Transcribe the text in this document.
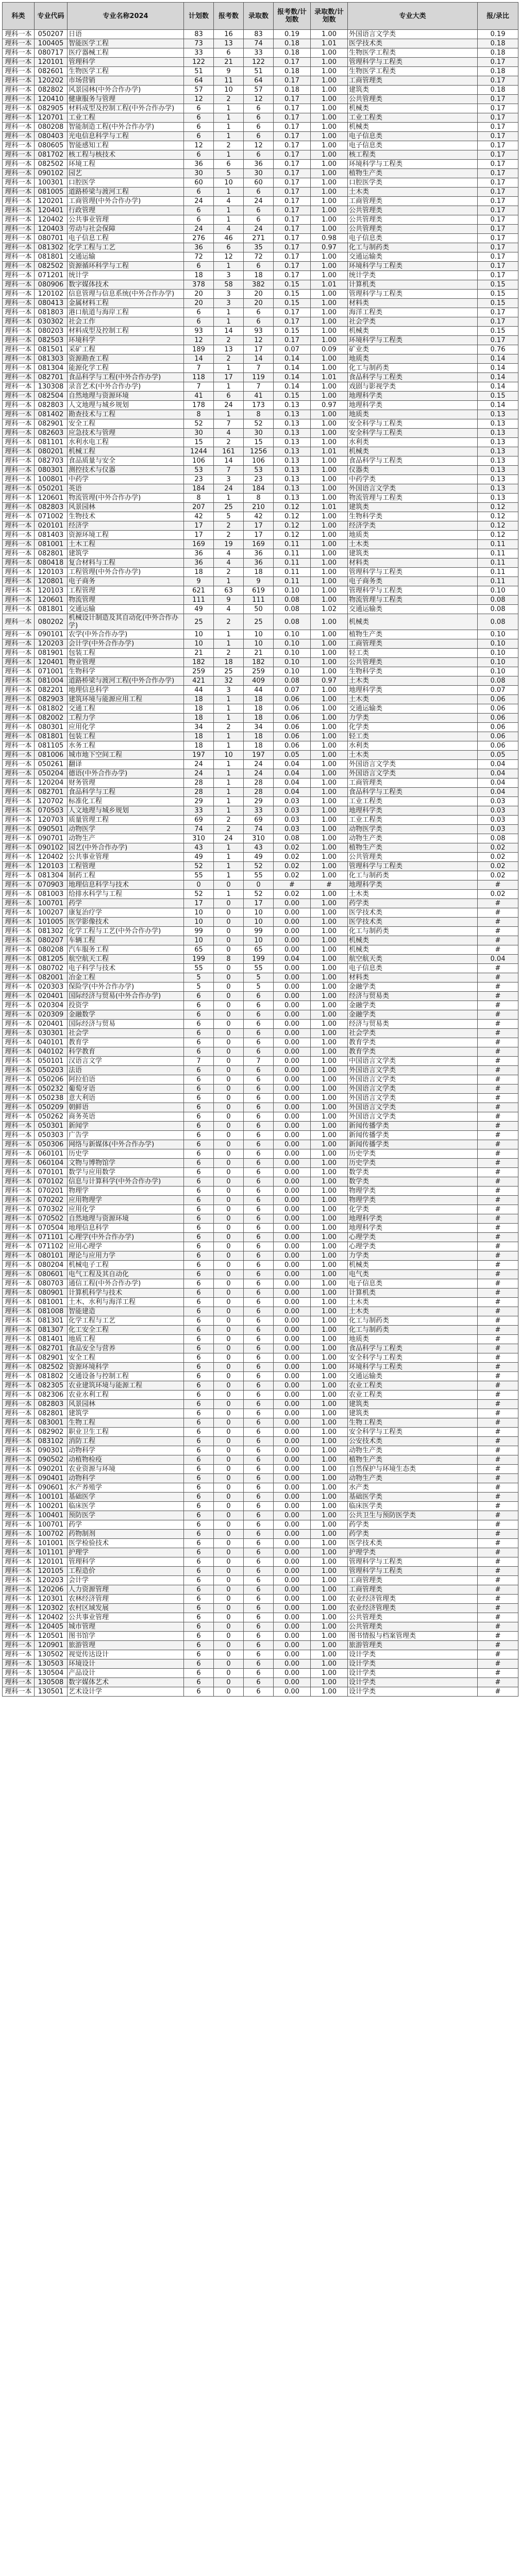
科类	专业代码	专业名称2024	计划数	报考数	录取数	报考数/计划数	录取数/计划数	专业大类	报/录比
理科一本	050207	日语	83	16	83	0.19	1.00	外国语言文学类	0.19
理科一本	100405	智能医学工程	73	13	74	0.18	1.01	医学技术类	0.18
理科一本	080717	医疗器械工程	33	6	33	0.18	1.00	生物医学工程类	0.18
理科一本	120101	管理科学	122	21	122	0.17	1.00	管理科学与工程类	0.17
理科一本	082601	生物医学工程	51	9	51	0.18	1.00	生物医学工程类	0.18
理科一本	120202	市场营销	64	11	64	0.17	1.00	工商管理类	0.17
理科一本	082802	风景园林(中外合作办学)	57	10	57	0.18	1.00	建筑类	0.18
理科一本	120410	健康服务与管理	12	2	12	0.17	1.00	公共管理类	0.17
理科一本	082905	材料成型及控制工程(中外合作办学)	6	1	6	0.17	1.00	机械类	0.17
理科一本	120701	工业工程	6	1	6	0.17	1.00	工业工程类	0.17
理科一本	080208	智能制造工程(中外合作办学)	6	1	6	0.17	1.00	机械类	0.17
理科一本	080403	光电信息科学与工程	6	1	6	0.17	1.00	电子信息类	0.17
理科一本	080605	智能感知工程	12	2	12	0.17	1.00	电子信息类	0.17
理科一本	081702	核工程与核技术	6	1	6	0.17	1.00	核工程类	0.17
理科一本	082502	环境工程	36	6	36	0.17	1.00	环境科学与工程类	0.17
理科一本	090102	园艺	30	5	30	0.17	1.00	植物生产类	0.17
理科一本	100301	口腔医学	60	10	60	0.17	1.00	口腔医学类	0.17
理科一本	081005	道路桥梁与渡河工程	6	1	6	0.17	1.00	土木类	0.17
理科一本	120201	工商管理(中外合作办学)	24	4	24	0.17	1.00	工商管理类	0.17
理科一本	120401	行政管理	6	1	6	0.17	1.00	公共管理类	0.17
理科一本	120402	公共事业管理	6	1	6	0.17	1.00	公共管理类	0.17
理科一本	120403	劳动与社会保障	24	4	24	0.17	1.00	公共管理类	0.17
理科一本	080701	电子信息工程	276	46	271	0.17	0.98	电子信息类	0.17
理科一本	081302	化学工程与工艺	36	6	35	0.17	0.97	化工与制药类	0.17
理科一本	081801	交通运输	72	12	72	0.17	1.00	交通运输类	0.17
理科一本	082502	资源循环科学与工程	6	1	6	0.17	1.00	环境科学与工程类	0.17
理科一本	071201	统计学	18	3	18	0.17	1.00	统计学类	0.17
理科一本	080906	数字媒体技术	378	58	382	0.15	1.01	计算机类	0.15
理科一本	120102	信息管理与信息系统(中外合作办学)	20	3	20	0.15	1.00	管理科学与工程类	0.15
理科一本	080413	金属材料工程	20	3	20	0.15	1.00	材料类	0.15
理科一本	081803	港口航道与海岸工程	6	1	6	0.17	1.00	海洋工程类	0.17
理科一本	030302	社会工作	6	1	6	0.17	1.00	社会学类	0.17
理科一本	080203	材料成型及控制工程	93	14	93	0.15	1.00	机械类	0.15
理科一本	082503	环境科学	12	2	12	0.17	1.00	环境科学与工程类	0.17
理科一本	081501	采矿工程	189	13	17	0.07	0.09	矿业类	0.76
理科一本	081303	资源勘查工程	14	2	14	0.14	1.00	地质类	0.14
理科一本	081304	能源化学工程	7	1	7	0.14	1.00	化工与制药类	0.14
理科一本	082701	食品科学与工程(中外合作办学)	118	17	119	0.14	1.01	食品科学与工程类	0.14
理科一本	130308	录音艺术(中外合作办学)	7	1	7	0.14	1.00	戏剧与影视学类	0.14
理科一本	082504	自然地理与资源环境	41	6	41	0.15	1.00	地理科学类	0.15
理科一本	082803	人文地理与城乡规划	178	24	173	0.13	0.97	地理科学类	0.14
理科一本	081402	勘查技术与工程	8	1	8	0.13	1.00	地质类	0.13
理科一本	082901	安全工程	52	7	52	0.13	1.00	安全科学与工程类	0.13
理科一本	082603	应急技术与管理	30	4	30	0.13	1.00	安全科学与工程类	0.13
理科一本	081101	水利水电工程	15	2	15	0.13	1.00	水利类	0.13
理科一本	080201	机械工程	1244	161	1256	0.13	1.01	机械类	0.13
理科一本	082703	食品质量与安全	106	14	106	0.13	1.00	食品科学与工程类	0.13
理科一本	080301	测控技术与仪器	53	7	53	0.13	1.00	仪器类	0.13
理科一本	100801	中药学	23	3	23	0.13	1.00	中药学类	0.13
理科一本	050201	英语	184	24	184	0.13	1.00	外国语言文学类	0.13
理科一本	120601	物流管理(中外合作办学)	8	1	8	0.13	1.00	物流管理与工程类	0.13
理科一本	082803	风景园林	207	25	210	0.12	1.01	建筑类	0.12
理科一本	071002	生物技术	42	5	42	0.12	1.00	生物科学类	0.12
理科一本	020101	经济学	17	2	17	0.12	1.00	经济学类	0.12
理科一本	081403	资源环境工程	17	2	17	0.12	1.00	地质类	0.12
理科一本	081001	土木工程	169	19	169	0.11	1.00	土木类	0.11
理科一本	082801	建筑学	36	4	36	0.11	1.00	建筑类	0.11
理科一本	080418	复合材料与工程	36	4	36	0.11	1.00	材料类	0.11
理科一本	120103	工程管理(中外合作办学)	18	2	18	0.11	1.00	管理科学与工程类	0.11
理科一本	120801	电子商务	9	1	9	0.11	1.00	电子商务类	0.11
理科一本	120103	工程管理	621	63	619	0.10	1.00	管理科学与工程类	0.10
理科一本	120601	物流管理	111	9	111	0.08	1.00	物流管理与工程类	0.08
理科一本	081801	交通运输	49	4	50	0.08	1.02	交通运输类	0.08
理科一本	080202	机械设计制造及其自动化(中外合作办学)	25	2	25	0.08	1.00	机械类	0.08
理科一本	090101	农学(中外合作办学)	10	1	10	0.10	1.00	植物生产类	0.10
理科一本	120203	会计学(中外合作办学)	10	1	10	0.10	1.00	工商管理类	0.10
理科一本	081901	包装工程	21	2	21	0.10	1.00	轻工类	0.10
理科一本	120401	物业管理	182	18	182	0.10	1.00	公共管理类	0.10
理科一本	071001	生物科学	259	25	259	0.10	1.00	生物科学类	0.10
理科一本	081004	道路桥梁与渡河工程(中外合作办学)	421	32	409	0.08	0.97	土木类	0.08
理科一本	082201	地理信息科学	44	3	44	0.07	1.00	地理科学类	0.07
理科一本	082903	建筑环境与能源应用工程	18	1	18	0.06	1.00	土木类	0.06
理科一本	081802	交通工程	18	1	18	0.06	1.00	交通运输类	0.06
理科一本	082002	工程力学	18	1	18	0.06	1.00	力学类	0.06
理科一本	080301	应用化学	34	2	34	0.06	1.00	化学类	0.06
理科一本	081801	包装工程	18	1	18	0.06	1.00	轻工类	0.06
理科一本	081105	水务工程	18	1	18	0.06	1.00	水利类	0.06
理科一本	081006	城市地下空间工程	197	10	197	0.05	1.00	土木类	0.05
理科一本	050261	翻译	24	1	24	0.04	1.00	外国语言文学类	0.04
理科一本	050204	德语(中外合作办学)	24	1	24	0.04	1.00	外国语言文学类	0.04
理科一本	120204	财务管理	28	1	28	0.04	1.00	工商管理类	0.04
理科一本	082701	食品科学与工程	28	1	28	0.04	1.00	食品科学与工程类	0.04
理科一本	120702	标准化工程	29	1	29	0.03	1.00	工业工程类	0.03
理科一本	070503	人文地理与城乡规划	33	1	33	0.03	1.00	地理科学类	0.03
理科一本	120703	质量管理工程	69	2	69	0.03	1.00	工业工程类	0.03
理科一本	090501	动物医学	74	2	74	0.03	1.00	动物医学类	0.03
理科一本	090701	动物生产	310	24	310	0.08	1.00	动物生产类	0.08
理科一本	090102	园艺(中外合作办学)	43	1	43	0.02	1.00	植物生产类	0.02
理科一本	120402	公共事业管理	49	1	49	0.02	1.00	公共管理类	0.02
理科一本	120103	工程管理	52	1	52	0.02	1.00	管理科学与工程类	0.02
理科一本	081304	制药工程	55	1	55	0.02	1.00	化工与制药类	0.02
理科一本	070903	地理信息科学与技术	0	0	0	#	#	地理科学类	#
理科一本	081003	给排水科学与工程	52	1	52	0.02	1.00	土木类	0.02
理科一本	100701	药学	17	0	17	0.00	1.00	药学类	#
理科一本	100207	康复治疗学	10	0	10	0.00	1.00	医学技术类	#
理科一本	101005	医学影像技术	10	0	10	0.00	1.00	医学技术类	#
理科一本	081302	化学工程与工艺(中外合作办学)	99	0	99	0.00	1.00	化工与制药类	#
理科一本	080207	车辆工程	10	0	10	0.00	1.00	机械类	#
理科一本	080208	汽车服务工程	65	0	65	0.00	1.00	机械类	#
理科一本	081205	航空航天工程	199	8	199	0.04	1.00	航空航天类	0.04
理科一本	080702	电子科学与技术	55	0	55	0.00	1.00	电子信息类	#
理科一本	082001	冶金工程	5	0	5	0.00	1.00	材料类	#
理科一本	020303	保险学(中外合作办学)	5	0	5	0.00	1.00	金融学类	#
理科一本	020401	国际经济与贸易(中外合作办学)	6	0	6	0.00	1.00	经济与贸易类	#
理科一本	020304	投资学	6	0	6	0.00	1.00	金融学类	#
理科一本	020309	金融数学	6	0	6	0.00	1.00	金融学类	#
理科一本	020401	国际经济与贸易	6	0	6	0.00	1.00	经济与贸易类	#
理科一本	030301	社会学	6	0	6	0.00	1.00	社会学类	#
理科一本	040101	教育学	6	0	6	0.00	1.00	教育学类	#
理科一本	040102	科学教育	6	0	6	0.00	1.00	教育学类	#
理科一本	050101	汉语言文学	7	0	7	0.00	1.00	中国语言文学类	#
理科一本	050203	法语	6	0	6	0.00	1.00	外国语言文学类	#
理科一本	050206	阿拉伯语	6	0	6	0.00	1.00	外国语言文学类	#
理科一本	050232	葡萄牙语	6	0	6	0.00	1.00	外国语言文学类	#
理科一本	050238	意大利语	6	0	6	0.00	1.00	外国语言文学类	#
理科一本	050209	朝鲜语	6	0	6	0.00	1.00	外国语言文学类	#
理科一本	050262	商务英语	6	0	6	0.00	1.00	外国语言文学类	#
理科一本	050301	新闻学	6	0	6	0.00	1.00	新闻传播学类	#
理科一本	050303	广告学	6	0	6	0.00	1.00	新闻传播学类	#
理科一本	050306	网络与新媒体(中外合作办学)	6	0	6	0.00	1.00	新闻传播学类	#
理科一本	060101	历史学	6	0	6	0.00	1.00	历史学类	#
理科一本	060104	文物与博物馆学	6	0	6	0.00	1.00	历史学类	#
理科一本	070101	数学与应用数学	6	0	6	0.00	1.00	数学类	#
理科一本	070102	信息与计算科学(中外合作办学)	6	0	6	0.00	1.00	数学类	#
理科一本	070201	物理学	6	0	6	0.00	1.00	物理学类	#
理科一本	070202	应用物理学	6	0	6	0.00	1.00	物理学类	#
理科一本	070302	应用化学	6	0	6	0.00	1.00	化学类	#
理科一本	070502	自然地理与资源环境	6	0	6	0.00	1.00	地理科学类	#
理科一本	070504	地理信息科学	6	0	6	0.00	1.00	地理科学类	#
理科一本	071101	心理学(中外合作办学)	6	0	6	0.00	1.00	心理学类	#
理科一本	071102	应用心理学	6	0	6	0.00	1.00	心理学类	#
理科一本	080101	理论与应用力学	6	0	6	0.00	1.00	力学类	#
理科一本	080204	机械电子工程	6	0	6	0.00	1.00	机械类	#
理科一本	080601	电气工程及其自动化	6	0	6	0.00	1.00	电气类	#
理科一本	080703	通信工程(中外合作办学)	6	0	6	0.00	1.00	电子信息类	#
理科一本	080901	计算机科学与技术	6	0	6	0.00	1.00	计算机类	#
理科一本	081001	土木、水利与海洋工程	6	0	6	0.00	1.00	土木类	#
理科一本	081008	智能建造	6	0	6	0.00	1.00	土木类	#
理科一本	081301	化学工程与工艺	6	0	6	0.00	1.00	化工与制药类	#
理科一本	081307	化工安全工程	6	0	6	0.00	1.00	化工与制药类	#
理科一本	081401	地质工程	6	0	6	0.00	1.00	地质类	#
理科一本	082701	食品安全与营养	6	0	6	0.00	1.00	食品科学与工程类	#
理科一本	082901	安全工程	6	0	6	0.00	1.00	安全科学与工程类	#
理科一本	082502	资源环境科学	6	0	6	0.00	1.00	环境科学与工程类	#
理科一本	081802	交通设备与控制工程	6	0	6	0.00	1.00	交通运输类	#
理科一本	082305	农业建筑环境与能源工程	6	0	6	0.00	1.00	农业工程类	#
理科一本	082306	农业水利工程	6	0	6	0.00	1.00	农业工程类	#
理科一本	082803	风景园林	6	0	6	0.00	1.00	建筑类	#
理科一本	082801	建筑学	6	0	6	0.00	1.00	建筑类	#
理科一本	083001	生物工程	6	0	6	0.00	1.00	生物工程类	#
理科一本	082902	职业卫生工程	6	0	6	0.00	1.00	安全科学与工程类	#
理科一本	083102	消防工程	6	0	6	0.00	1.00	公安技术类	#
理科一本	090301	动物科学	6	0	6	0.00	1.00	动物生产类	#
理科一本	090502	动植物检疫	6	0	6	0.00	1.00	植物生产类	#
理科一本	090201	农业资源与环境	6	0	6	0.00	1.00	自然保护与环境生态类	#
理科一本	090401	动物科学	6	0	6	0.00	1.00	动物生产类	#
理科一本	090601	水产养殖学	6	0	6	0.00	1.00	水产类	#
理科一本	100101	基础医学	6	0	6	0.00	1.00	基础医学类	#
理科一本	100201	临床医学	6	0	6	0.00	1.00	临床医学类	#
理科一本	100401	预防医学	6	0	6	0.00	1.00	公共卫生与预防医学类	#
理科一本	100701	药学	6	0	6	0.00	1.00	药学类	#
理科一本	100702	药物制剂	6	0	6	0.00	1.00	药学类	#
理科一本	101001	医学检验技术	6	0	6	0.00	1.00	医学技术类	#
理科一本	101101	护理学	6	0	6	0.00	1.00	护理学类	#
理科一本	120101	管理科学	6	0	6	0.00	1.00	管理科学与工程类	#
理科一本	120105	工程造价	6	0	6	0.00	1.00	管理科学与工程类	#
理科一本	120203	会计学	6	0	6	0.00	1.00	工商管理类	#
理科一本	120206	人力资源管理	6	0	6	0.00	1.00	工商管理类	#
理科一本	120301	农林经济管理	6	0	6	0.00	1.00	农业经济管理类	#
理科一本	120302	农村区域发展	6	0	6	0.00	1.00	农业经济管理类	#
理科一本	120402	公共事业管理	6	0	6	0.00	1.00	公共管理类	#
理科一本	120405	城市管理	6	0	6	0.00	1.00	公共管理类	#
理科一本	120501	图书馆学	6	0	6	0.00	1.00	图书情报与档案管理类	#
理科一本	120901	旅游管理	6	0	6	0.00	1.00	旅游管理类	#
理科一本	130502	视觉传达设计	6	0	6	0.00	1.00	设计学类	#
理科一本	130503	环境设计	6	0	6	0.00	1.00	设计学类	#
理科一本	130504	产品设计	6	0	6	0.00	1.00	设计学类	#
理科一本	130508	数字媒体艺术	6	0	6	0.00	1.00	设计学类	#
理科一本	130501	艺术设计学	6	0	6	0.00	1.00	设计学类	#
